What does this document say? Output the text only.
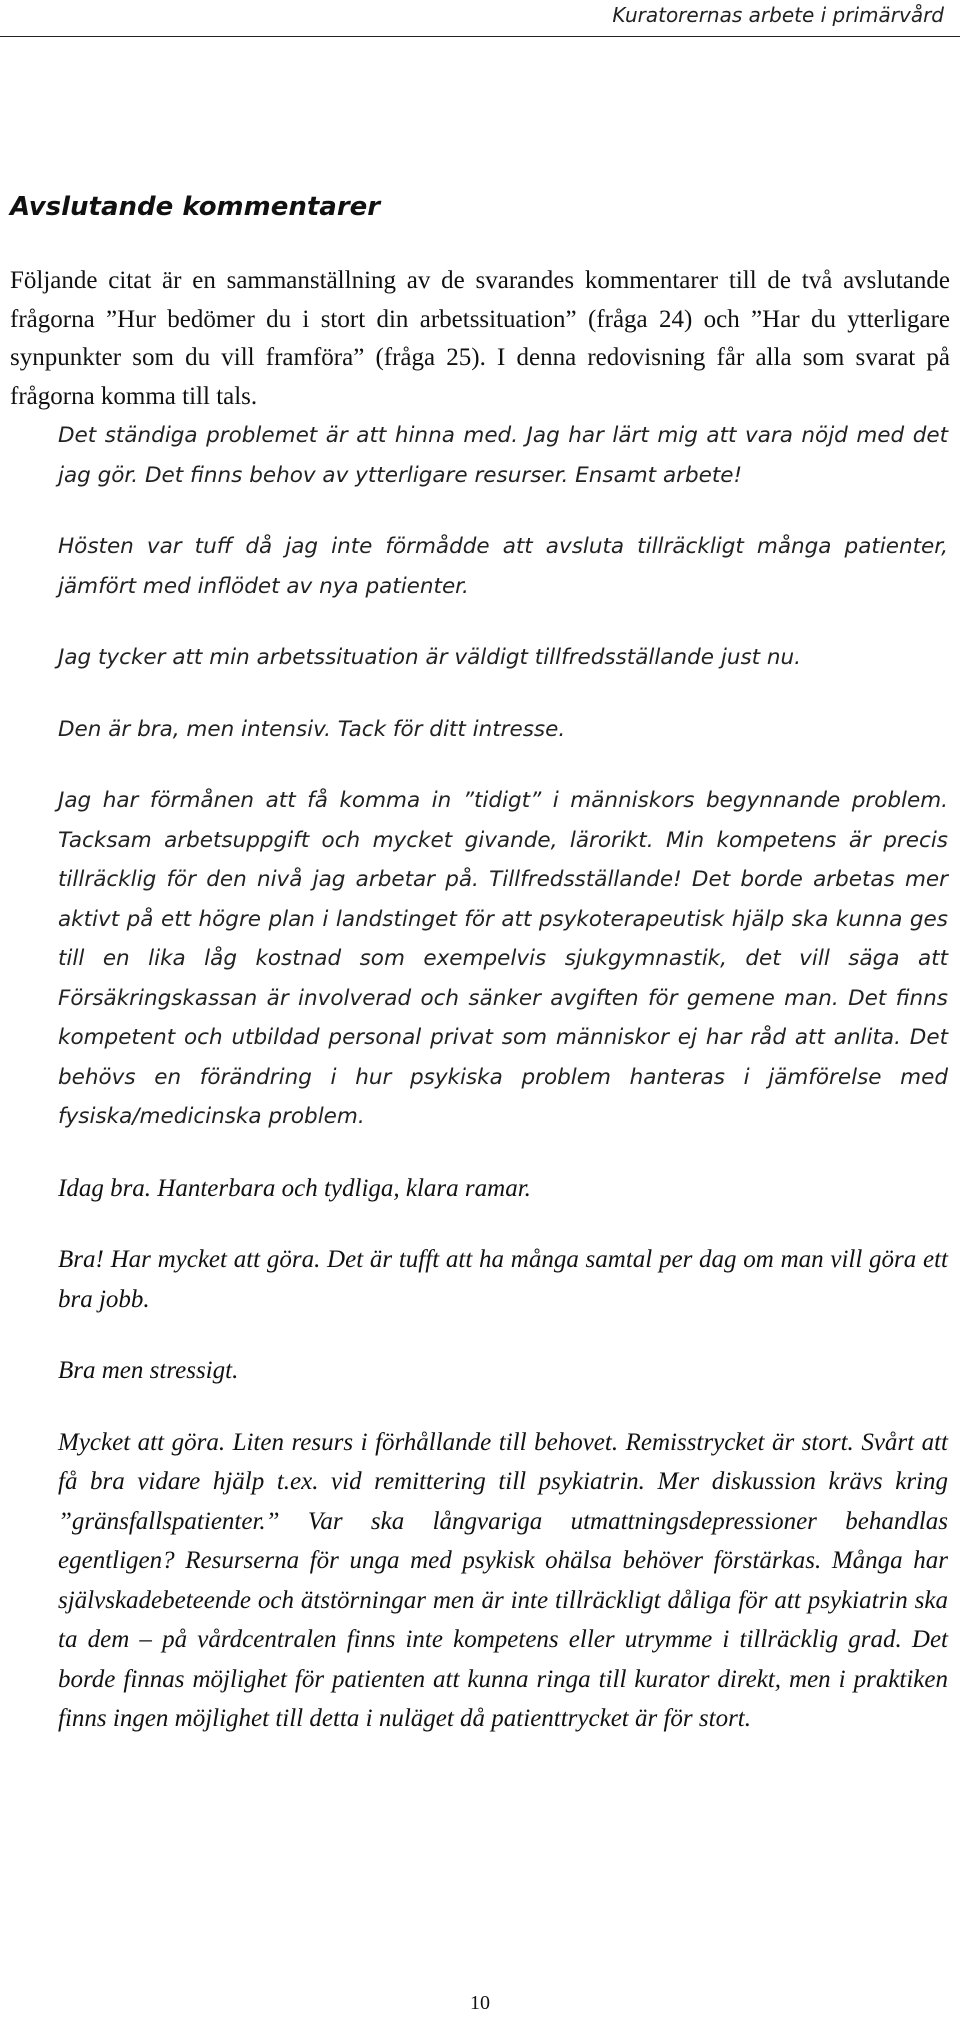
Kuratorernas arbete i primärvård
Avslutande kommentarer

Följande citat är en sammanställning av de svarandes kommentarer till de två avslutande frågorna ”Hur bedömer du i stort din arbetssituation” (fråga 24) och ”Har du ytterligare synpunkter som du vill framföra” (fråga 25). I denna redovisning får alla som svarat på frågorna komma till tals.

Det ständiga problemet är att hinna med. Jag har lärt mig att vara nöjd med det jag gör. Det finns behov av ytterligare resurser. Ensamt arbete!

Hösten var tuff då jag inte förmådde att avsluta tillräckligt många patienter, jämfört med inflödet av nya patienter.

Jag tycker att min arbetssituation är väldigt tillfredsställande just nu.

Den är bra, men intensiv. Tack för ditt intresse.

Jag har förmånen att få komma in ”tidigt” i människors begynnande problem. Tacksam arbetsuppgift och mycket givande, lärorikt. Min kompetens är precis tillräcklig för den nivå jag arbetar på. Tillfredsställande! Det borde arbetas mer aktivt på ett högre plan i landstinget för att psykoterapeutisk hjälp ska kunna ges till en lika låg kostnad som exempelvis sjukgymnastik, det vill säga att Försäkringskassan är involverad och sänker avgiften för gemene man. Det finns kompetent och utbildad personal privat som människor ej har råd att anlita. Det behövs en förändring i hur psykiska problem hanteras i jämförelse med fysiska/medicinska problem.

Idag bra. Hanterbara och tydliga, klara ramar.

Bra! Har mycket att göra. Det är tufft att ha många samtal per dag om man vill göra ett bra jobb.

Bra men stressigt.

Mycket att göra. Liten resurs i förhållande till behovet. Remisstrycket är stort. Svårt att få bra vidare hjälp t.ex. vid remittering till psykiatrin. Mer diskussion krävs kring ”gränsfallspatienter.” Var ska långvariga utmattningsdepressioner behandlas egentligen? Resurserna för unga med psykisk ohälsa behöver förstärkas. Många har självskadebeteende och ätstörningar men är inte tillräckligt dåliga för att psykiatrin ska ta dem – på vårdcentralen finns inte kompetens eller utrymme i tillräcklig grad. Det borde finnas möjlighet för patienten att kunna ringa till kurator direkt, men i praktiken finns ingen möjlighet till detta i nuläget då patienttrycket är för stort.

10
